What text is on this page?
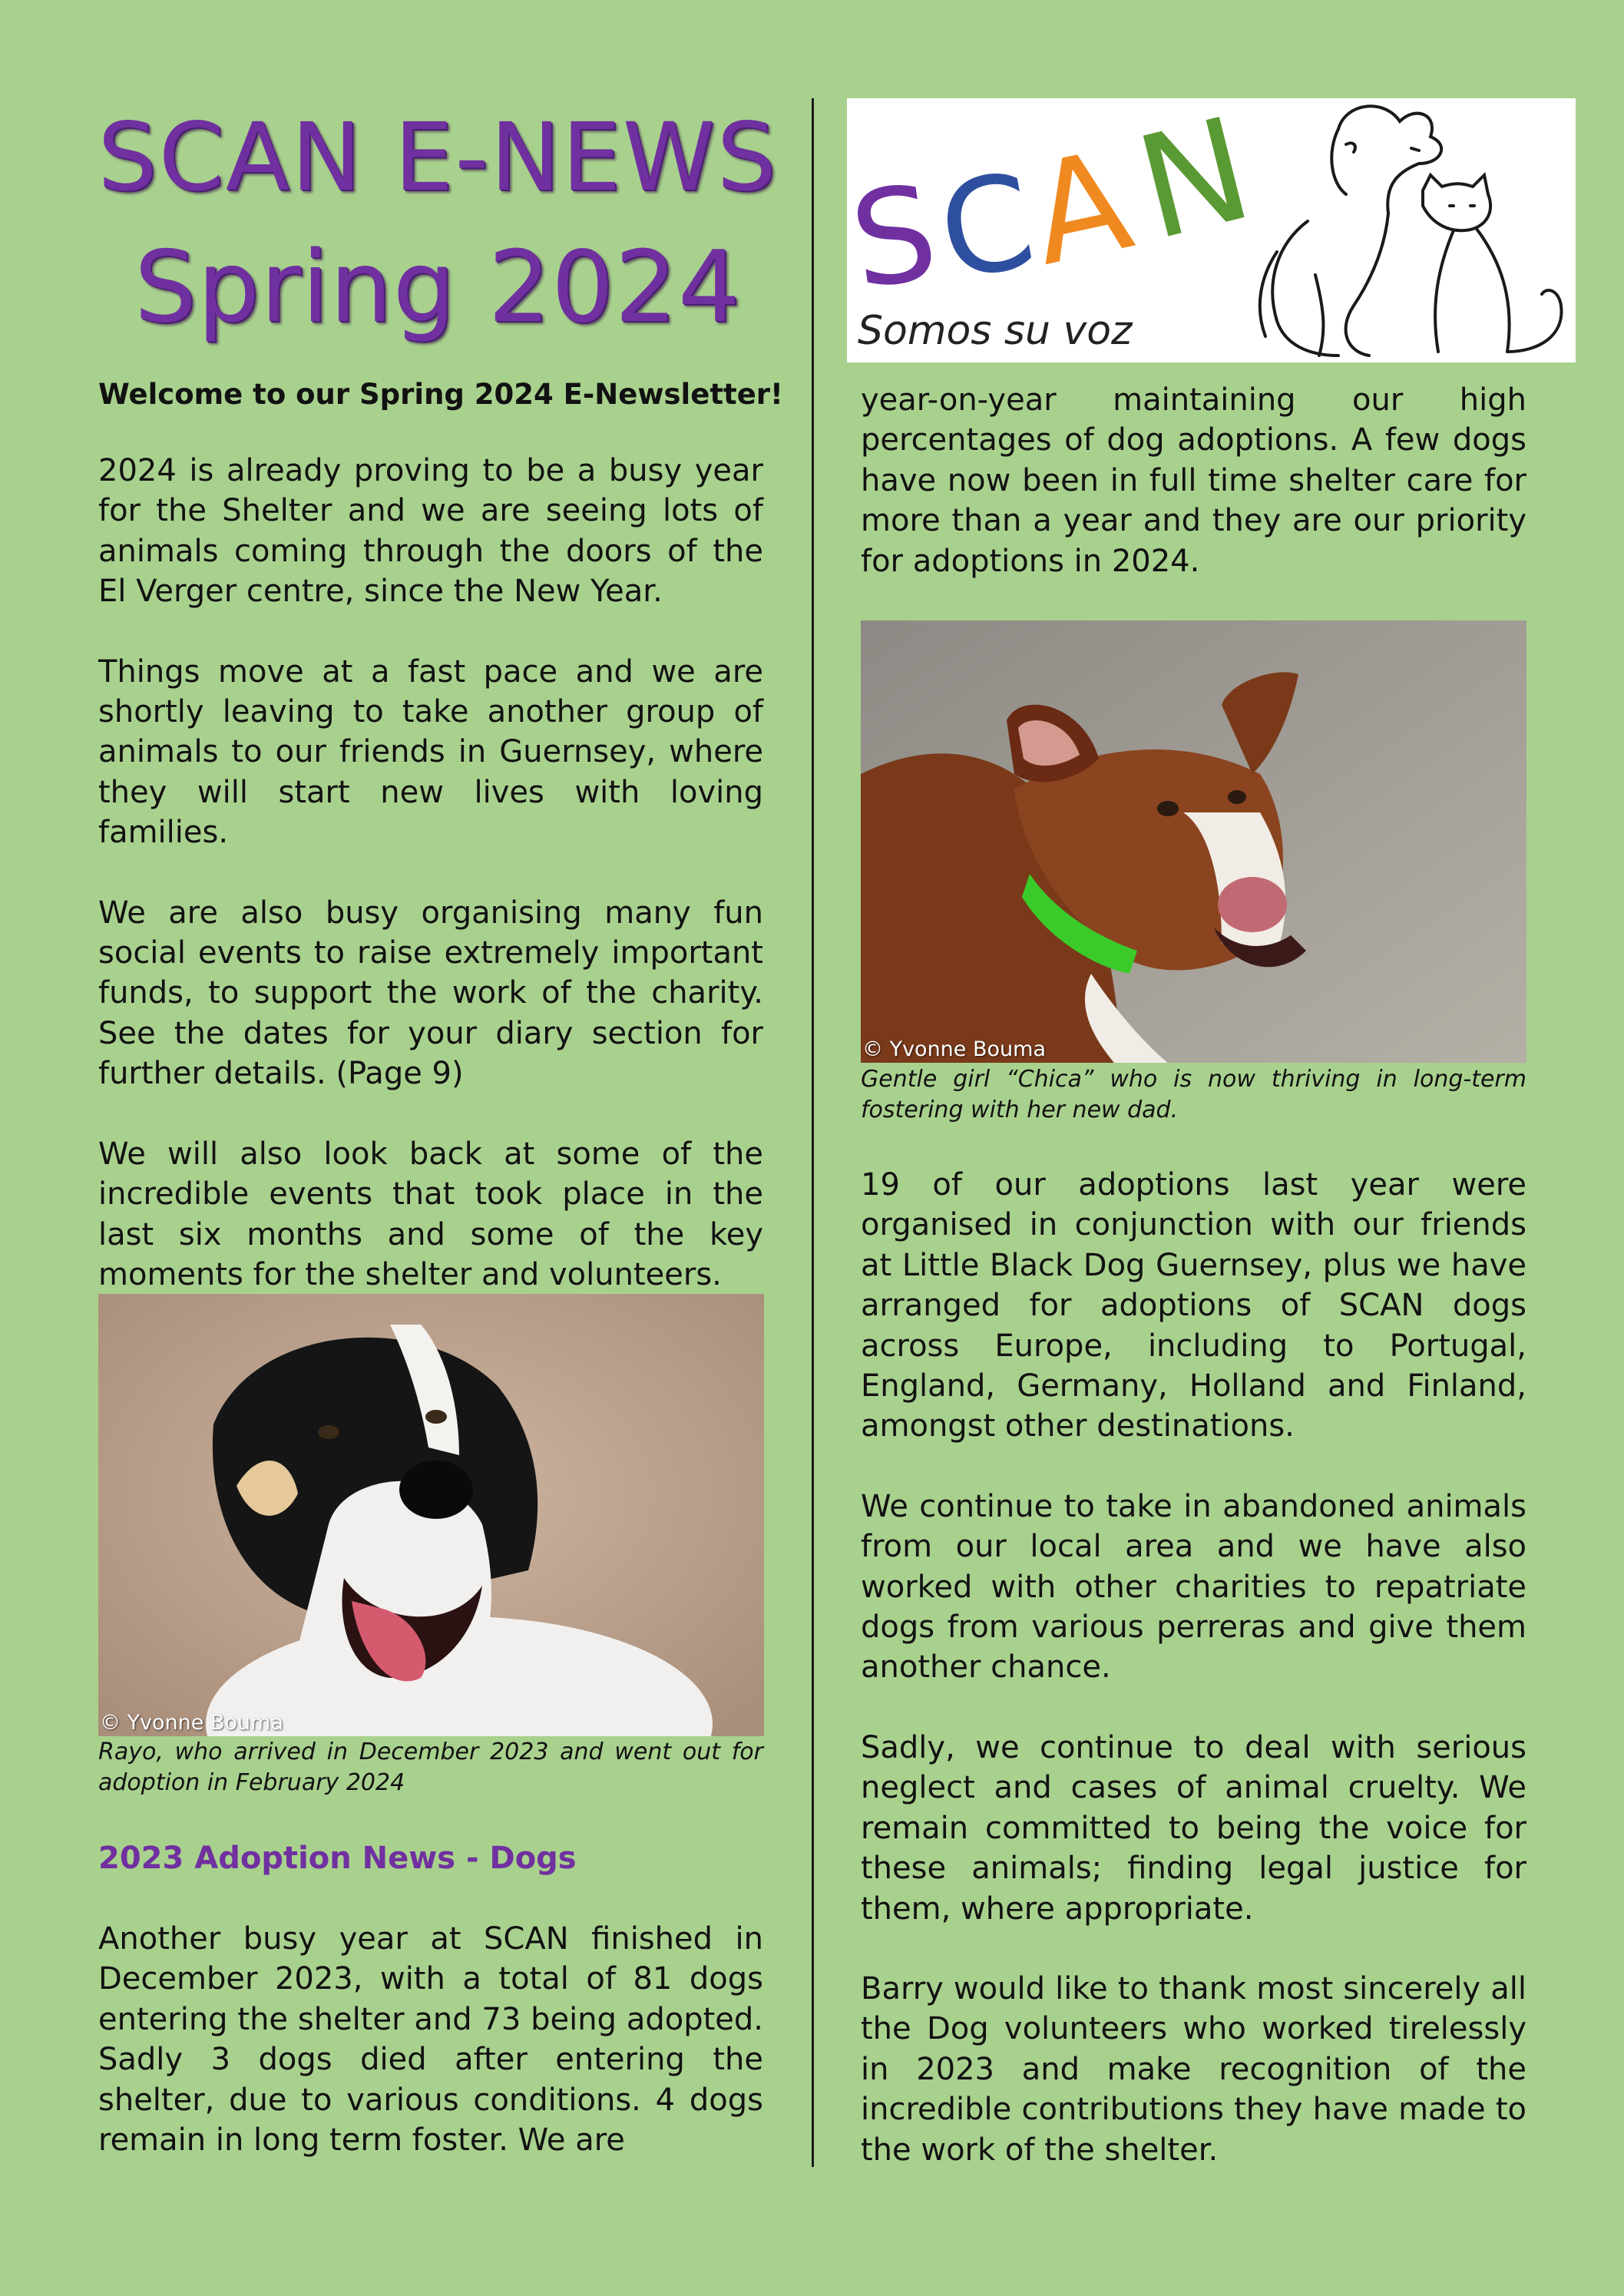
SCAN E-NEWS
Spring 2024 S
C
A
N
Somos su voz
Welcome to our Spring 2024 E-Newsletter!

2024 is already proving to be a busy year for the Shelter and we are seeing lots of animals coming through the doors of the El Verger centre, since the New Year.

Things move at a fast pace and we are shortly leaving to take another group of animals to our friends in Guernsey, where they will start new lives with loving families.

We are also busy organising many fun social events to raise extremely important funds, to support the work of the charity. See the dates for your diary section for further details. (Page 9)

We will also look back at some of the incredible events that took place in the last six months and some of the key moments for the shelter and volunteers.

© Yvonne Bouma
Rayo, who arrived in December 2023 and went out for adoption in February 2024
2023 Adoption News - Dogs

Another busy year at SCAN finished in December 2023, with a total of 81 dogs entering the shelter and 73 being adopted. Sadly 3 dogs died after entering the shelter, due to various conditions. 4 dogs remain in long term foster. We are

year-on-year maintaining our high percentages of dog adoptions. A few dogs have now been in full time shelter care for more than a year and they are our priority for adoptions in 2024.

© Yvonne Bouma
Gentle girl “Chica” who is now thriving in long-term fostering with her new dad.

19 of our adoptions last year were organised in conjunction with our friends at Little Black Dog Guernsey, plus we have arranged for adoptions of SCAN dogs across Europe, including to Portugal, England, Germany, Holland and Finland, amongst other destinations.

We continue to take in abandoned animals from our local area and we have also worked with other charities to repatriate dogs from various perreras and give them another chance.

Sadly, we continue to deal with serious neglect and cases of animal cruelty. We remain committed to being the voice for these animals; finding legal justice for them, where appropriate.

Barry would like to thank most sincerely all the Dog volunteers who worked tirelessly in 2023 and make recognition of the incredible contributions they have made to the work of the shelter.
